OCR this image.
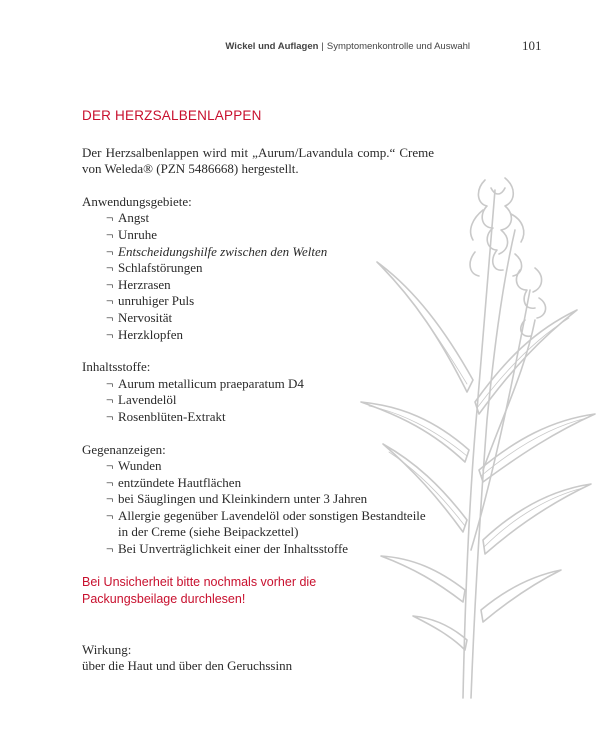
Wickel und Auflagen | Symptomenkontrolle und Auswahl	101
DER HERZSALBENLAPPEN

Der Herzsalbenlappen wird mit „Aurum/Lavandula comp.“ Creme von Weleda® (PZN 5486668) hergestellt.

Anwendungsgebiete:

¬ Angst
¬ Unruhe
¬ Entscheidungshilfe zwischen den Welten
¬ Schlafstörungen
¬ Herzrasen
¬ unruhiger Puls
¬ Nervosität
¬ Herzklopfen

Inhaltsstoffe:

¬ Aurum metallicum praeparatum D4
¬ Lavendelöl
¬ Rosenblüten-Extrakt

Gegenanzeigen:

¬ Wunden
¬ entzündete Hautflächen
¬ bei Säuglingen und Kleinkindern unter 3 Jahren
¬ Allergie gegenüber Lavendelöl oder sonstigen Bestandteile in der Creme (siehe Beipackzettel)
¬ Bei Unverträglichkeit einer der Inhaltsstoffe

Bei Unsicherheit bitte nochmals vorher die Packungsbeilage durchlesen!

Wirkung:

über die Haut und über den Geruchssinn
